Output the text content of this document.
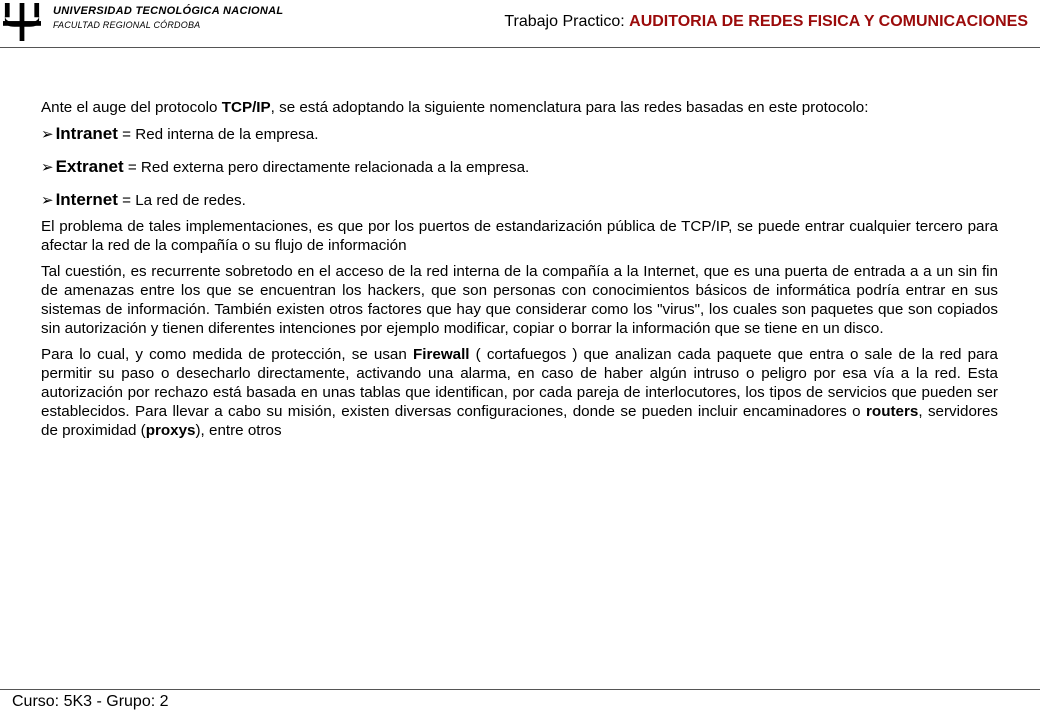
UNIVERSIDAD TECNOLÓGICA NACIONAL
FACULTAD REGIONAL CÓRDOBA	Trabajo Practico: AUDITORIA DE REDES FISICA Y COMUNICACIONES

Ante el auge del protocolo TCP/IP, se está adoptando la siguiente nomenclatura para las redes basadas en este protocolo:

➢ Intranet = Red interna de la empresa.

➢ Extranet = Red externa pero directamente relacionada a la empresa.

➢ Internet = La red de redes.

El problema de tales implementaciones, es que por los puertos de estandarización pública de TCP/IP, se puede entrar cualquier tercero para afectar la red de la compañía o su flujo de información

Tal cuestión, es recurrente sobretodo en el acceso de la red interna de la compañía a la Internet, que es una puerta de entrada a a un sin fin de amenazas entre los que se encuentran los hackers, que son personas con conocimientos básicos de informática podría entrar en sus sistemas de información. También existen otros factores que hay que considerar como los "virus", los cuales son paquetes que son copiados sin autorización y tienen diferentes intenciones por ejemplo modificar, copiar o borrar la información que se tiene en un disco.

Para lo cual, y como medida de protección, se usan Firewall ( cortafuegos ) que analizan cada paquete que entra o sale de la red para permitir su paso o desecharlo directamente, activando una alarma, en caso de haber algún intruso o peligro por esa vía a la red. Esta autorización por rechazo está basada en unas tablas que identifican, por cada pareja de interlocutores, los tipos de servicios que pueden ser establecidos. Para llevar a cabo su misión, existen diversas configuraciones, donde se pueden incluir encaminadores o routers, servidores de proximidad (proxys), entre otros

Curso: 5K3 - Grupo: 2
